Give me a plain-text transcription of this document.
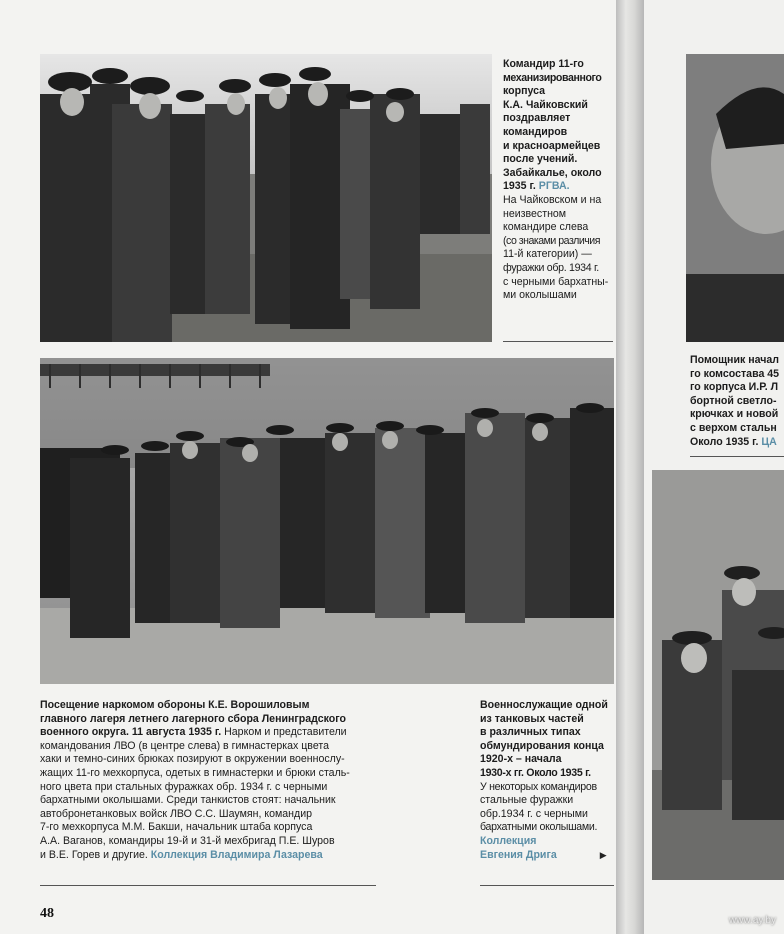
Командир 11-го

механизированного

корпуса

К.А. Чайковский

поздравляет

командиров

и красноармейцев

после учений.

Забайкалье, около

1935 г. РГВА.

На Чайковском и на

неизвестном

командире слева

(со знаками различия

11-й категории) —

фуражки обр. 1934 г.

с черными бархатны-

ми околышами

Посещение наркомом обороны К.Е. Ворошиловым

главного лагеря летнего лагерного сбора Ленинградского

военного округа. 11 августа 1935 г. Нарком и представители

командования ЛВО (в центре слева) в гимнастерках цвета

хаки и темно-синих брюках позируют в окружении военнослу-

жащих 11-го мехкорпуса, одетых в гимнастерки и брюки сталь-

ного цвета при стальных фуражках обр. 1934 г. с черными

бархатными околышами. Среди танкистов стоят: начальник

автобронетанковых войск ЛВО С.С. Шаумян, командир

7-го мехкорпуса М.М. Бакши, начальник штаба корпуса

А.А. Ваганов, командиры 19-й и 31-й мехбригад П.Е. Шуров

и В.Е. Горев и другие. Коллекция Владимира Лазарева

Военнослужащие одной

из танковых частей

в различных типах

обмундирования конца

1920-х – начала

1930-х гг. Около 1935 г.

У некоторых командиров

стальные фуражки

обр.1934 г. с черными

бархатными околышами.

Коллекция

Евгения Дрига	▶

48

Помощник начал

го комсостава 45

го корпуса И.Р. Л

бортной светло-

крючках и новой

с верхом стальн

Около 1935 г. ЦА

www.ay.by
